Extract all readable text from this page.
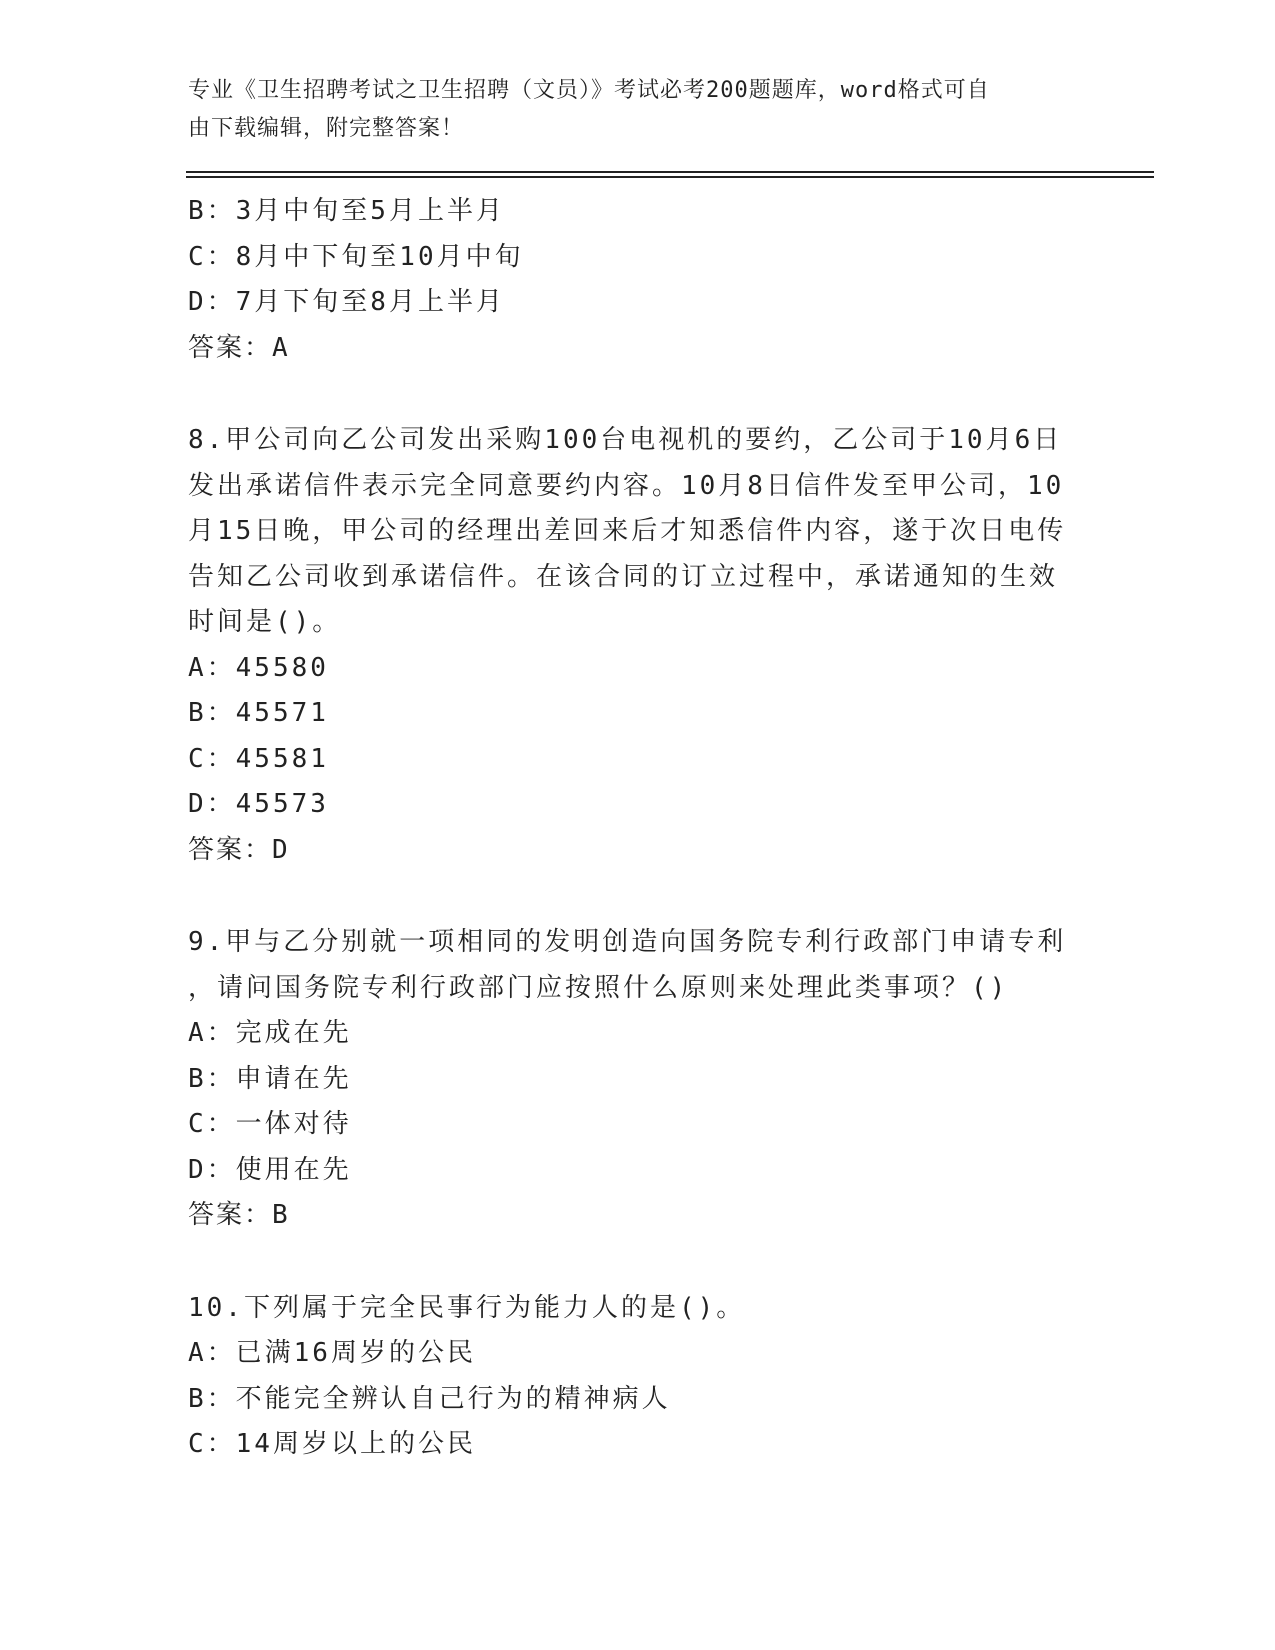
专业《卫生招聘考试之卫生招聘（文员）》考试必考200题题库，word格式可自
由下载编辑，附完整答案！
B：3月中旬至5月上半月
C：8月中下旬至10月中旬
D：7月下旬至8月上半月
答案：A
8.甲公司向乙公司发出采购100台电视机的要约，乙公司于10月6日
发出承诺信件表示完全同意要约内容。10月8日信件发至甲公司，10
月15日晚，甲公司的经理出差回来后才知悉信件内容，遂于次日电传
告知乙公司收到承诺信件。在该合同的订立过程中，承诺通知的生效
时间是()。
A：45580
B：45571
C：45581
D：45573
答案：D
9.甲与乙分别就一项相同的发明创造向国务院专利行政部门申请专利
，请问国务院专利行政部门应按照什么原则来处理此类事项？()
A：完成在先
B：申请在先
C：一体对待
D：使用在先
答案：B
10.下列属于完全民事行为能力人的是()。
A：已满16周岁的公民
B：不能完全辨认自己行为的精神病人
C：14周岁以上的公民
